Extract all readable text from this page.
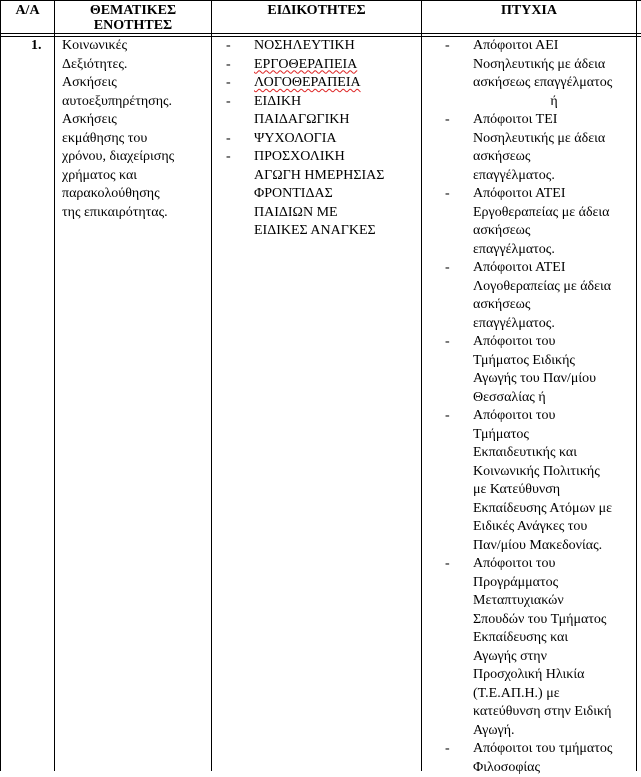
Α/Α	ΘΕΜΑΤΙΚΕΣ
ΕΝΟΤΗΤΕΣ
ΕΙΔΙΚΟΤΗΤΕΣ	ΠΤΥΧΙΑ
1. Κοινωνικές
Δεξιότητες.
Ασκήσεις
αυτοεξυπηρέτησης.
Ασκήσεις
εκμάθησης του
χρόνου, διαχείρισης
χρήματος και
παρακολούθησης
της επικαιρότητας.
- ΝΟΣΗΛΕΥΤΙΚΗ
- ΕΡΓΟΘΕΡΑΠΕΙΑ
- ΛΟΓΟΘΕΡΑΠΕΙΑ
- ΕΙΔΙΚΗ
ΠΑΙΔΑΓΩΓΙΚΗ
- ΨΥΧΟΛΟΓΙΑ
- ΠΡΟΣΧΟΛΙΚΗ
ΑΓΩΓΗ ΗΜΕΡΗΣΙΑΣ
ΦΡΟΝΤΙΔΑΣ
ΠΑΙΔΙΩΝ ΜΕ
ΕΙΔΙΚΕΣ ΑΝΑΓΚΕΣ
- Απόφοιτοι ΑΕΙ
Νοσηλευτικής με άδεια
ασκήσεως επαγγέλματος
ή
- Απόφοιτοι ΤΕΙ
Νοσηλευτικής με άδεια
ασκήσεως
επαγγέλματος.
- Απόφοιτοι ΑΤΕΙ
Εργοθεραπείας με άδεια
ασκήσεως
επαγγέλματος.
- Απόφοιτοι ΑΤΕΙ
Λογοθεραπείας με άδεια
ασκήσεως
επαγγέλματος.
- Απόφοιτοι του
Τμήματος Ειδικής
Αγωγής του Παν/μίου
Θεσσαλίας ή
- Απόφοιτοι του
Τμήματος
Εκπαιδευτικής και
Κοινωνικής Πολιτικής
με Κατεύθυνση
Εκπαίδευσης Ατόμων με
Ειδικές Ανάγκες του
Παν/μίου Μακεδονίας.
- Απόφοιτοι του
Προγράμματος
Μεταπτυχιακών
Σπουδών του Τμήματος
Εκπαίδευσης και
Αγωγής στην
Προσχολική Ηλικία
(Τ.Ε.ΑΠ.Η.) με
κατεύθυνση στην Ειδική
Αγωγή.
- Απόφοιτοι του τμήματος
Φιλοσοφίας
